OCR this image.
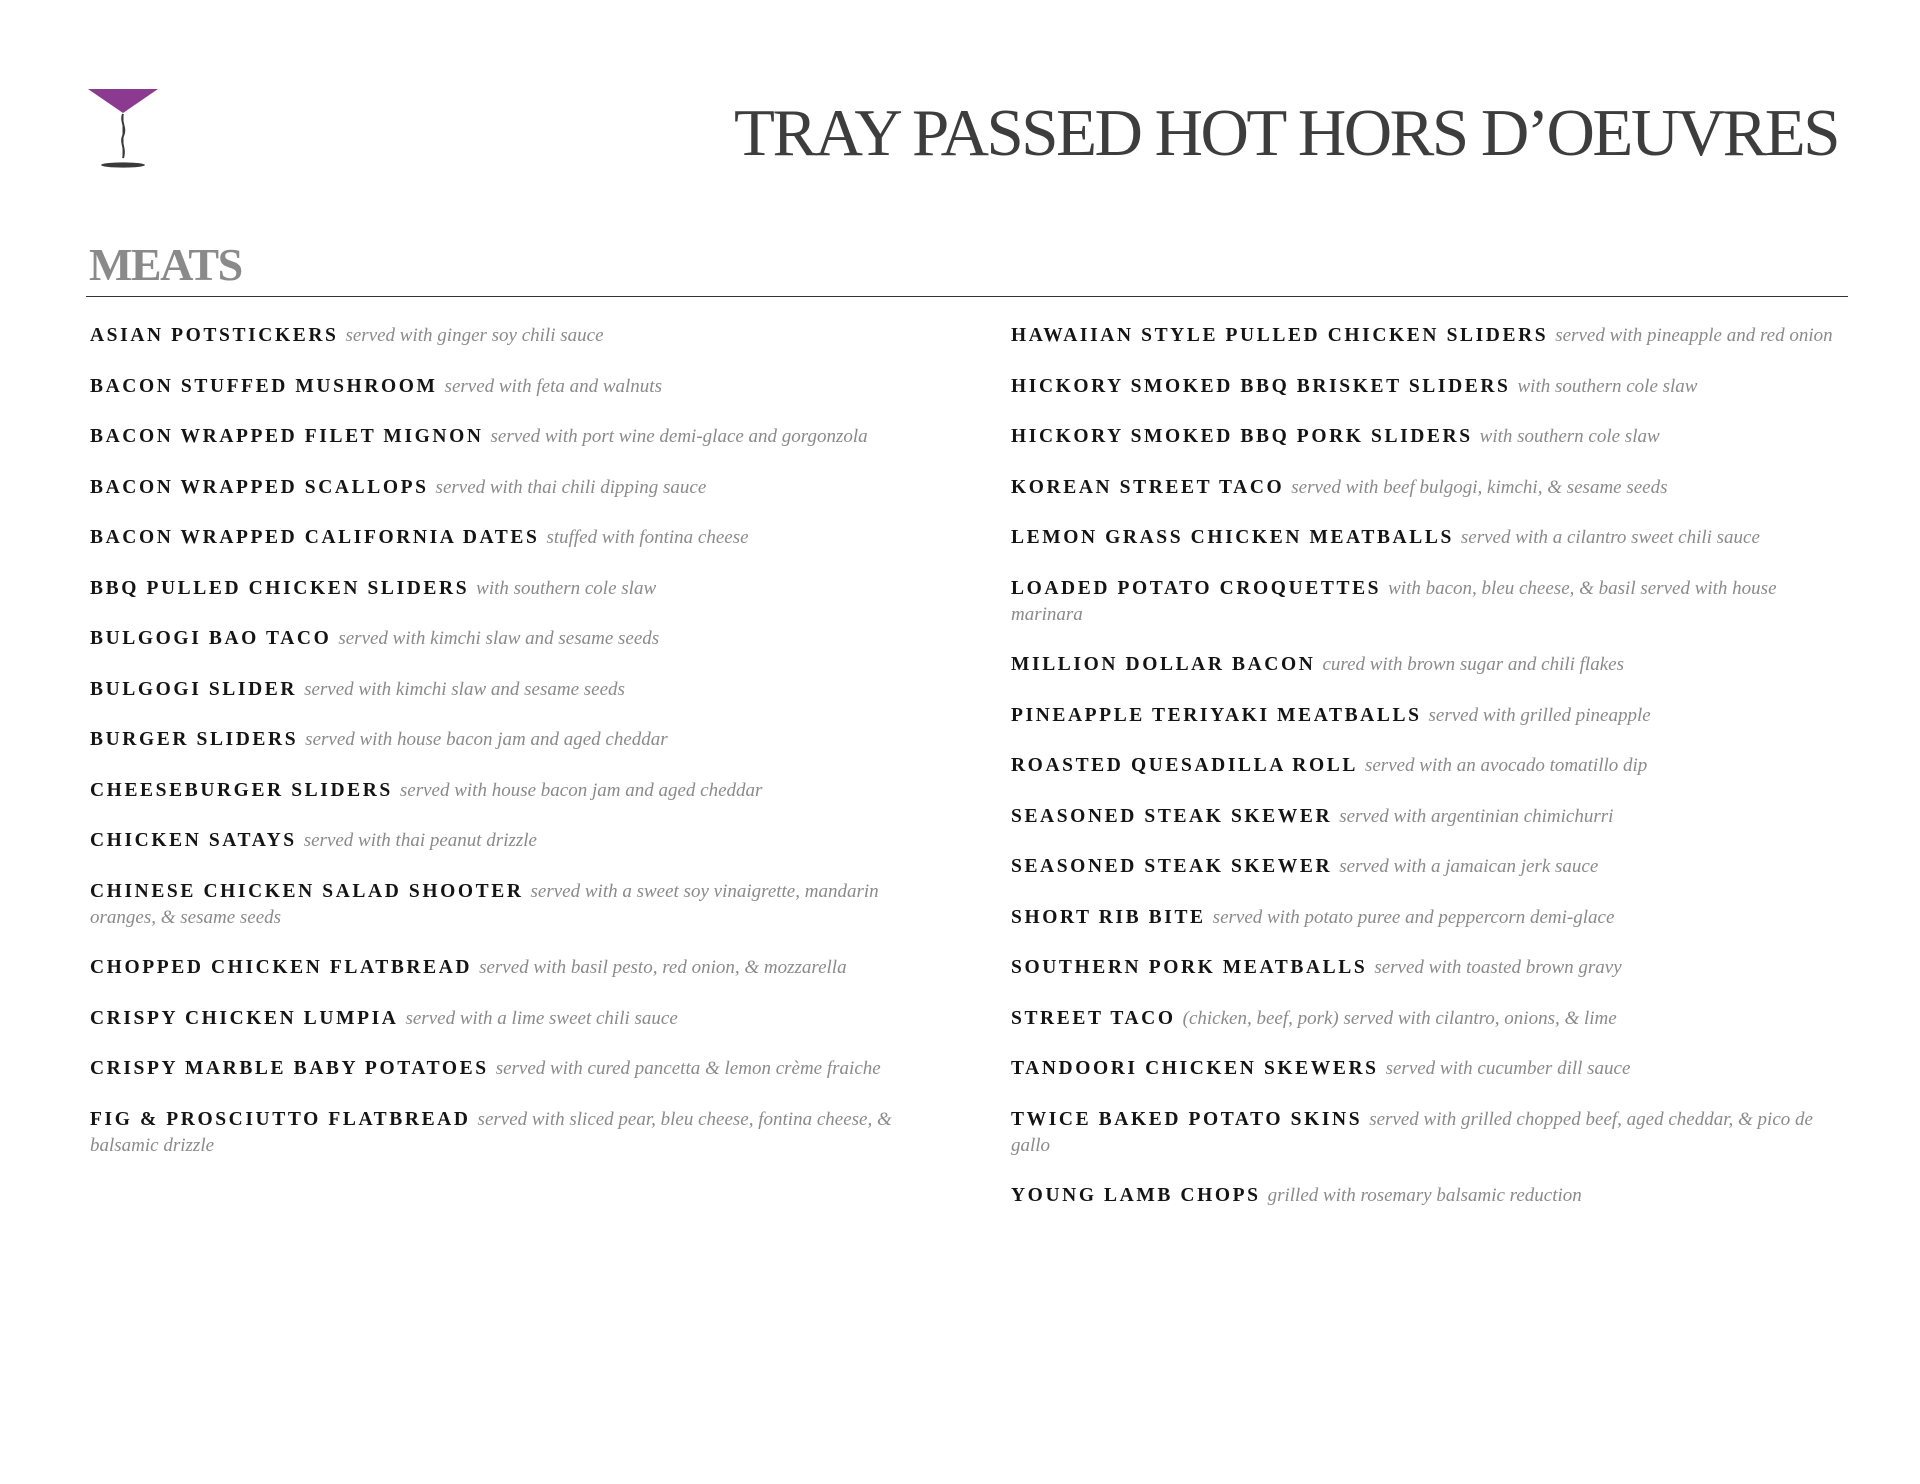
TRAY PASSED HOT HORS D’OEUVRES
MEATS
ASIAN POTSTICKERS served with ginger soy chili sauce
BACON STUFFED MUSHROOM served with feta and walnuts
BACON WRAPPED FILET MIGNON served with port wine demi-glace and gorgonzola
BACON WRAPPED SCALLOPS served with thai chili dipping sauce
BACON WRAPPED CALIFORNIA DATES stuffed with fontina cheese
BBQ PULLED CHICKEN SLIDERS with southern cole slaw
BULGOGI BAO TACO served with kimchi slaw and sesame seeds
BULGOGI SLIDER served with kimchi slaw and sesame seeds
BURGER SLIDERS served with house bacon jam and aged cheddar
CHEESEBURGER SLIDERS served with house bacon jam and aged cheddar
CHICKEN SATAYS served with thai peanut drizzle
CHINESE CHICKEN SALAD SHOOTER served with a sweet soy vinaigrette, mandarin oranges, & sesame seeds
CHOPPED CHICKEN FLATBREAD served with basil pesto, red onion, & mozzarella
CRISPY CHICKEN LUMPIA served with a lime sweet chili sauce
CRISPY MARBLE BABY POTATOES served with cured pancetta & lemon crème fraiche
FIG & PROSCIUTTO FLATBREAD served with sliced pear, bleu cheese, fontina cheese, & balsamic drizzle
HAWAIIAN STYLE PULLED CHICKEN SLIDERS served with pineapple and red onion
HICKORY SMOKED BBQ BRISKET SLIDERS with southern cole slaw
HICKORY SMOKED BBQ PORK SLIDERS with southern cole slaw
KOREAN STREET TACO served with beef bulgogi, kimchi, & sesame seeds
LEMON GRASS CHICKEN MEATBALLS served with a cilantro sweet chili sauce
LOADED POTATO CROQUETTES with bacon, bleu cheese, & basil served with house marinara
MILLION DOLLAR BACON cured with brown sugar and chili flakes
PINEAPPLE TERIYAKI MEATBALLS served with grilled pineapple
ROASTED QUESADILLA ROLL served with an avocado tomatillo dip
SEASONED STEAK SKEWER served with argentinian chimichurri
SEASONED STEAK SKEWER served with a jamaican jerk sauce
SHORT RIB BITE served with potato puree and peppercorn demi-glace
SOUTHERN PORK MEATBALLS served with toasted brown gravy
STREET TACO (chicken, beef, pork) served with cilantro, onions, & lime
TANDOORI CHICKEN SKEWERS served with cucumber dill sauce
TWICE BAKED POTATO SKINS served with grilled chopped beef, aged cheddar, & pico de gallo
YOUNG LAMB CHOPS grilled with rosemary balsamic reduction
